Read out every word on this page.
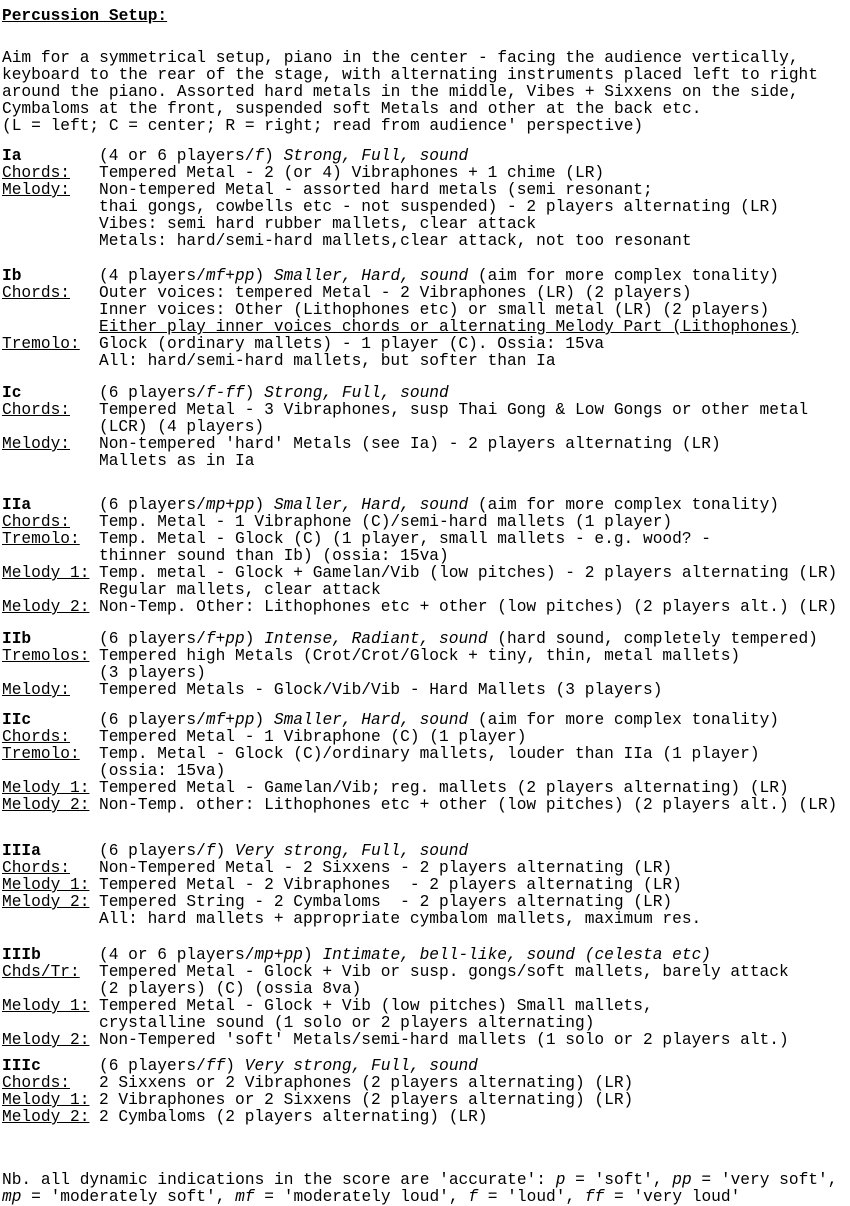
Percussion Setup:
Aim for a symmetrical setup, piano in the center - facing the audience vertically,
keyboard to the rear of the stage, with alternating instruments placed left to right
around the piano. Assorted hard metals in the middle, Vibes + Sixxens on the side,
Cymbaloms at the front, suspended soft Metals and other at the back etc.
(L = left; C = center; R = right; read from audience' perspective)
Ia	(4 or 6 players/f) Strong, Full, sound
Chords:	Tempered Metal - 2 (or 4) Vibraphones + 1 chime (LR)
Melody:	Non-tempered Metal - assorted hard metals (semi resonant;
thai gongs, cowbells etc - not suspended) - 2 players alternating (LR)
Vibes: semi hard rubber mallets, clear attack
Metals: hard/semi-hard mallets,clear attack, not too resonant
Ib	(4 players/mf+pp) Smaller, Hard, sound (aim for more complex tonality)
Chords:	Outer voices: tempered Metal - 2 Vibraphones (LR) (2 players)
Inner voices: Other (Lithophones etc) or small metal (LR) (2 players)
Either play inner voices chords or alternating Melody Part (Lithophones)
Tremolo:	Glock (ordinary mallets) - 1 player (C). Ossia: 15va
All: hard/semi-hard mallets, but softer than Ia
Ic	(6 players/f-ff) Strong, Full, sound
Chords:	Tempered Metal - 3 Vibraphones, susp Thai Gong & Low Gongs or other metal
(LCR) (4 players)
Melody:	Non-tempered 'hard' Metals (see Ia) - 2 players alternating (LR)
Mallets as in Ia
IIa	(6 players/mp+pp) Smaller, Hard, sound (aim for more complex tonality)
Chords:	Temp. Metal - 1 Vibraphone (C)/semi-hard mallets (1 player)
Tremolo:	Temp. Metal - Glock (C) (1 player, small mallets - e.g. wood? -
thinner sound than Ib) (ossia: 15va)
Melody 1: Temp. metal - Glock + Gamelan/Vib (low pitches) - 2 players alternating (LR)
Regular mallets, clear attack
Melody 2: Non-Temp. Other: Lithophones etc + other (low pitches) (2 players alt.) (LR)
IIb	(6 players/f+pp) Intense, Radiant, sound (hard sound, completely tempered)
Tremolos: Tempered high Metals (Crot/Crot/Glock + tiny, thin, metal mallets)
(3 players)
Melody:	Tempered Metals - Glock/Vib/Vib - Hard Mallets (3 players)
IIc	(6 players/mf+pp) Smaller, Hard, sound (aim for more complex tonality)
Chords:	Tempered Metal - 1 Vibraphone (C) (1 player)
Tremolo:	Temp. Metal - Glock (C)/ordinary mallets, louder than IIa (1 player)
(ossia: 15va)
Melody 1: Tempered Metal - Gamelan/Vib; reg. mallets (2 players alternating) (LR)
Melody 2: Non-Temp. other: Lithophones etc + other (low pitches) (2 players alt.) (LR)
IIIa	(6 players/f) Very strong, Full, sound
Chords:	Non-Tempered Metal - 2 Sixxens - 2 players alternating (LR)
Melody 1: Tempered Metal - 2 Vibraphones  - 2 players alternating (LR)
Melody 2: Tempered String - 2 Cymbaloms  - 2 players alternating (LR)
All: hard mallets + appropriate cymbalom mallets, maximum res.
IIIb	(4 or 6 players/mp+pp) Intimate, bell-like, sound (celesta etc)
Chds/Tr:	Tempered Metal - Glock + Vib or susp. gongs/soft mallets, barely attack
(2 players) (C) (ossia 8va)
Melody 1: Tempered Metal - Glock + Vib (low pitches) Small mallets,
crystalline sound (1 solo or 2 players alternating)
Melody 2: Non-Tempered 'soft' Metals/semi-hard mallets (1 solo or 2 players alt.)
IIIc	(6 players/ff) Very strong, Full, sound
Chords:	2 Sixxens or 2 Vibraphones (2 players alternating) (LR)
Melody 1: 2 Vibraphones or 2 Sixxens (2 players alternating) (LR)
Melody 2: 2 Cymbaloms (2 players alternating) (LR)
Nb. all dynamic indications in the score are 'accurate': p = 'soft', pp = 'very soft',
mp = 'moderately soft', mf = 'moderately loud', f = 'loud', ff = 'very loud'
